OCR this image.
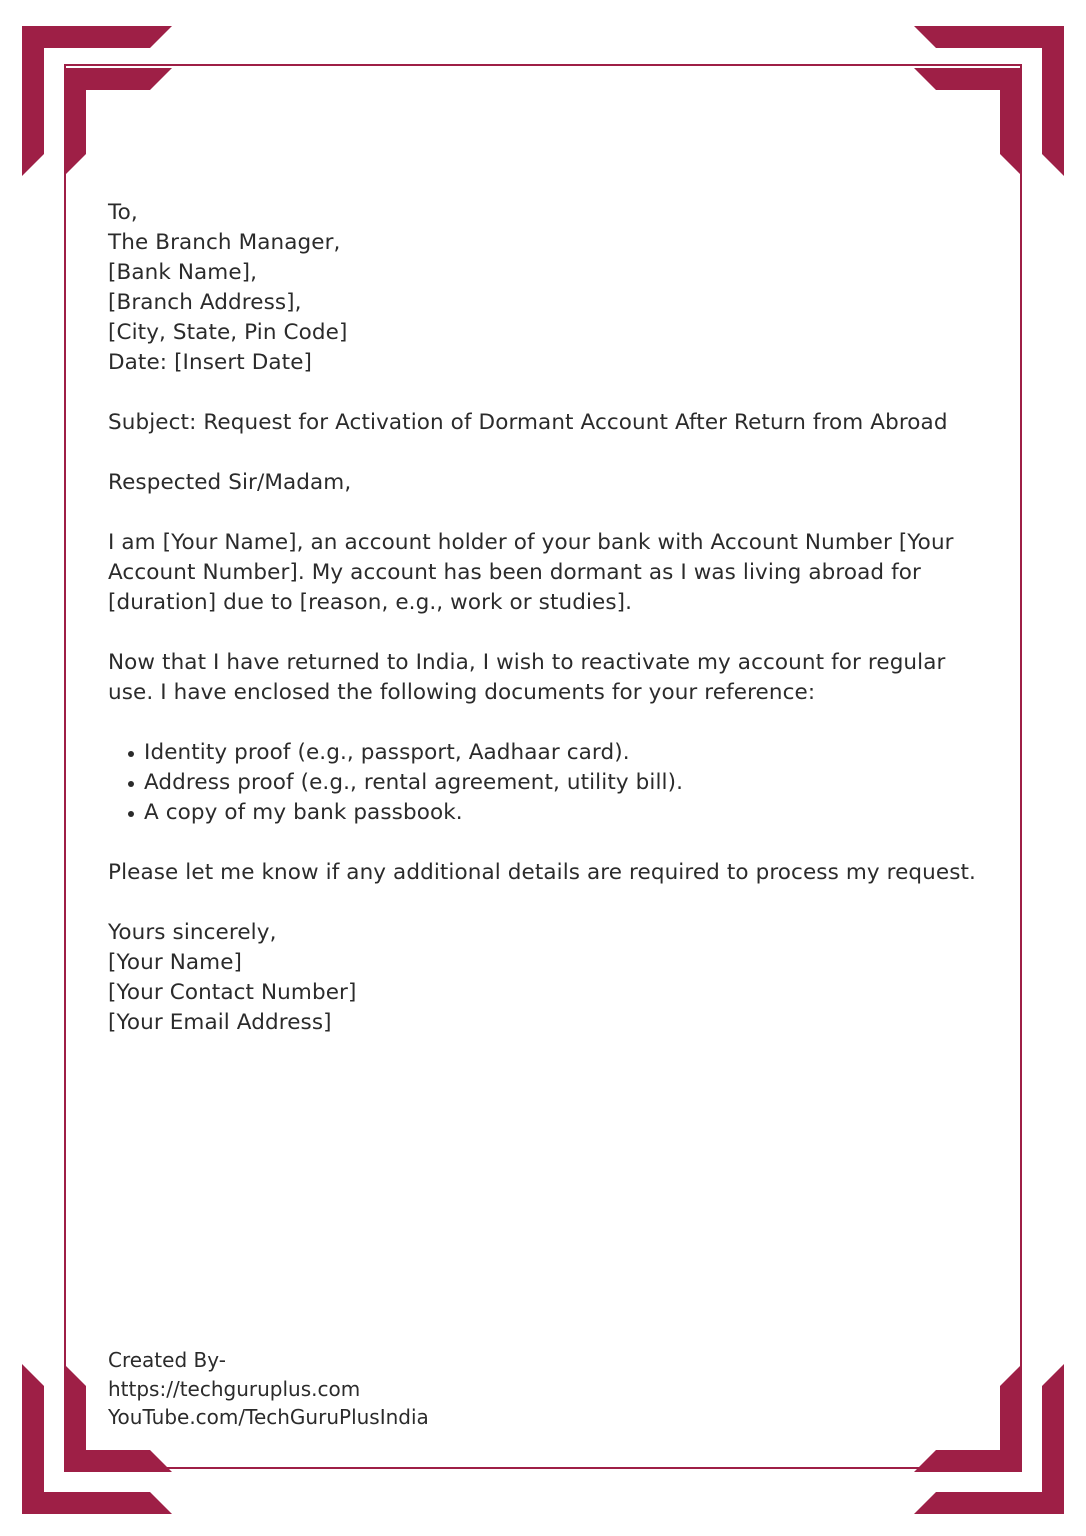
To,
The Branch Manager,
[Bank Name],
[Branch Address],
[City, State, Pin Code]
Date: [Insert Date]
Subject: Request for Activation of Dormant Account After Return from Abroad
Respected Sir/Madam,
I am [Your Name], an account holder of your bank with Account Number [Your Account Number]. My account has been dormant as I was living abroad for [duration] due to [reason, e.g., work or studies].
Now that I have returned to India, I wish to reactivate my account for regular use. I have enclosed the following documents for your reference:
Identity proof (e.g., passport, Aadhaar card).
Address proof (e.g., rental agreement, utility bill).
A copy of my bank passbook.
Please let me know if any additional details are required to process my request.
Yours sincerely,
[Your Name]
[Your Contact Number]
[Your Email Address]
Created By-
https://techguruplus.com
YouTube.com/TechGuruPlusIndia
